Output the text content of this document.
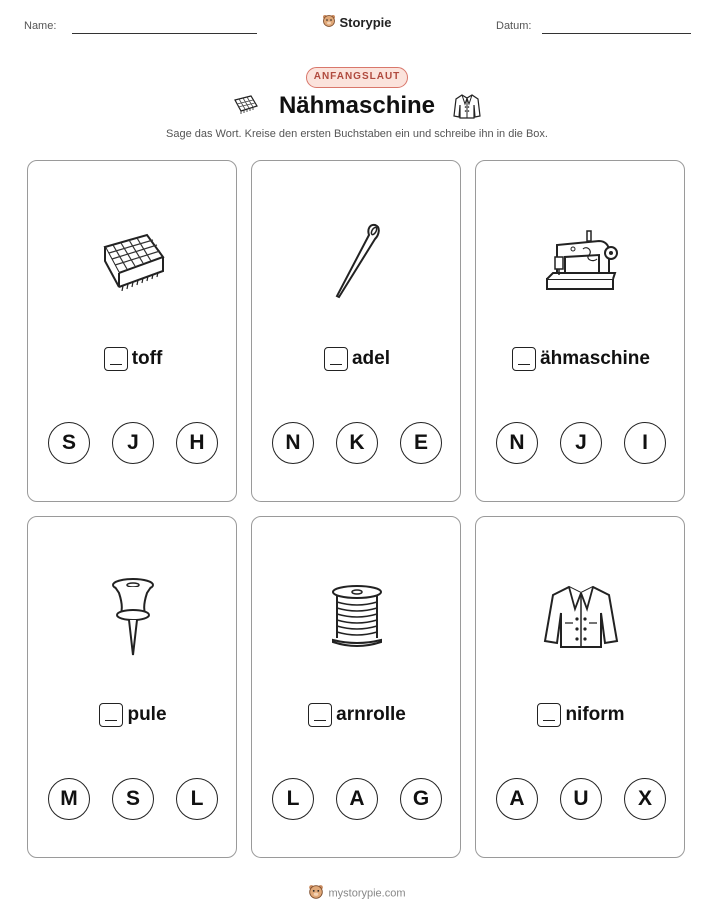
Name:	Storypie	Datum:
ANFANGSLAUT
Nähmaschine
Sage das Wort. Kreise den ersten Buchstaben ein und schreibe ihn in die Box.
toff
S	J	H
adel
N	K	E
ähmaschine
N	J	I
pule
M	S	L
arnrolle
L	A	G
niform
A	U	X
mystorypie.com
